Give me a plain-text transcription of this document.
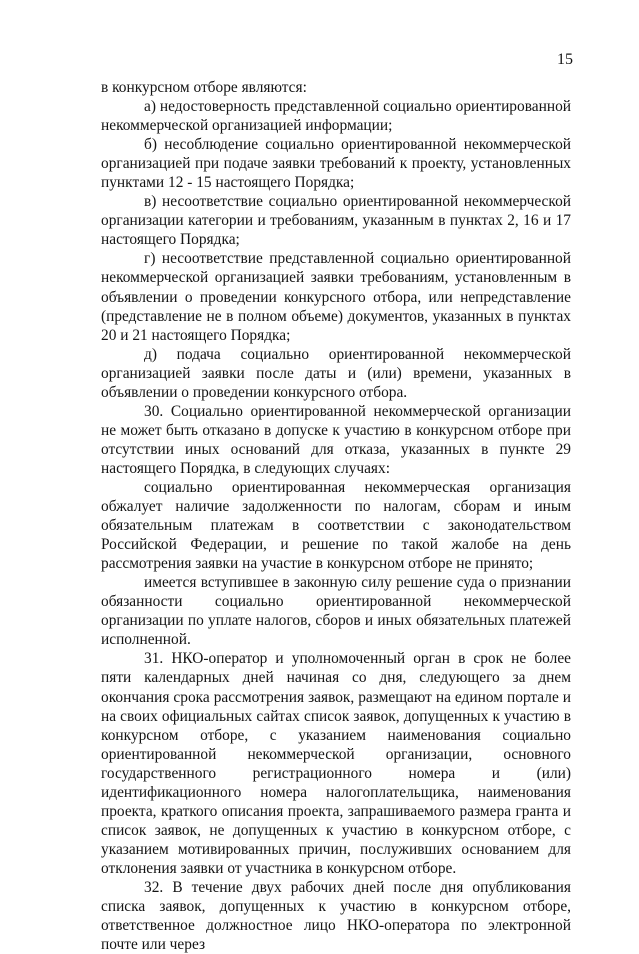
15

в конкурсном отборе являются:

а) недостоверность представленной социально ориентированной некоммерческой организацией информации;

б) несоблюдение социально ориентированной некоммерческой организацией при подаче заявки требований к проекту, установленных пунктами 12 - 15 настоящего Порядка;

в) несоответствие социально ориентированной некоммерческой организации категории и требованиям, указанным в пунктах 2, 16 и 17 настоящего Порядка;

г) несоответствие представленной социально ориентированной некоммерческой организацией заявки требованиям, установленным в объявлении о проведении конкурсного отбора, или непредставление (представление не в полном объеме) документов, указанных в пунктах 20 и 21 настоящего Порядка;

д) подача социально ориентированной некоммерческой организацией заявки после даты и (или) времени, указанных в объявлении о проведении конкурсного отбора.

30. Социально ориентированной некоммерческой организации не может быть отказано в допуске к участию в конкурсном отборе при отсутствии иных оснований для отказа, указанных в пункте 29 настоящего Порядка, в следующих случаях:

социально ориентированная некоммерческая организация обжалует наличие задолженности по налогам, сборам и иным обязательным платежам в соответствии с законодательством Российской Федерации, и решение по такой жалобе на день рассмотрения заявки на участие в конкурсном отборе не принято;

имеется вступившее в законную силу решение суда о признании обязанности социально ориентированной некоммерческой организации по уплате налогов, сборов и иных обязательных платежей исполненной.

31. НКО-оператор и уполномоченный орган в срок не более пяти календарных дней начиная со дня, следующего за днем окончания срока рассмотрения заявок, размещают на едином портале и на своих официальных сайтах список заявок, допущенных к участию в конкурсном отборе, с указанием наименования социально ориентированной некоммерческой организации, основного государственного регистрационного номера и (или) идентификационного номера налогоплательщика, наименования проекта, краткого описания проекта, запрашиваемого размера гранта и список заявок, не допущенных к участию в конкурсном отборе, с указанием мотивированных причин, послуживших основанием для отклонения заявки от участника в конкурсном отборе.

32. В течение двух рабочих дней после дня опубликования списка заявок, допущенных к участию в конкурсном отборе, ответственное должностное лицо НКО-оператора по электронной почте или через
